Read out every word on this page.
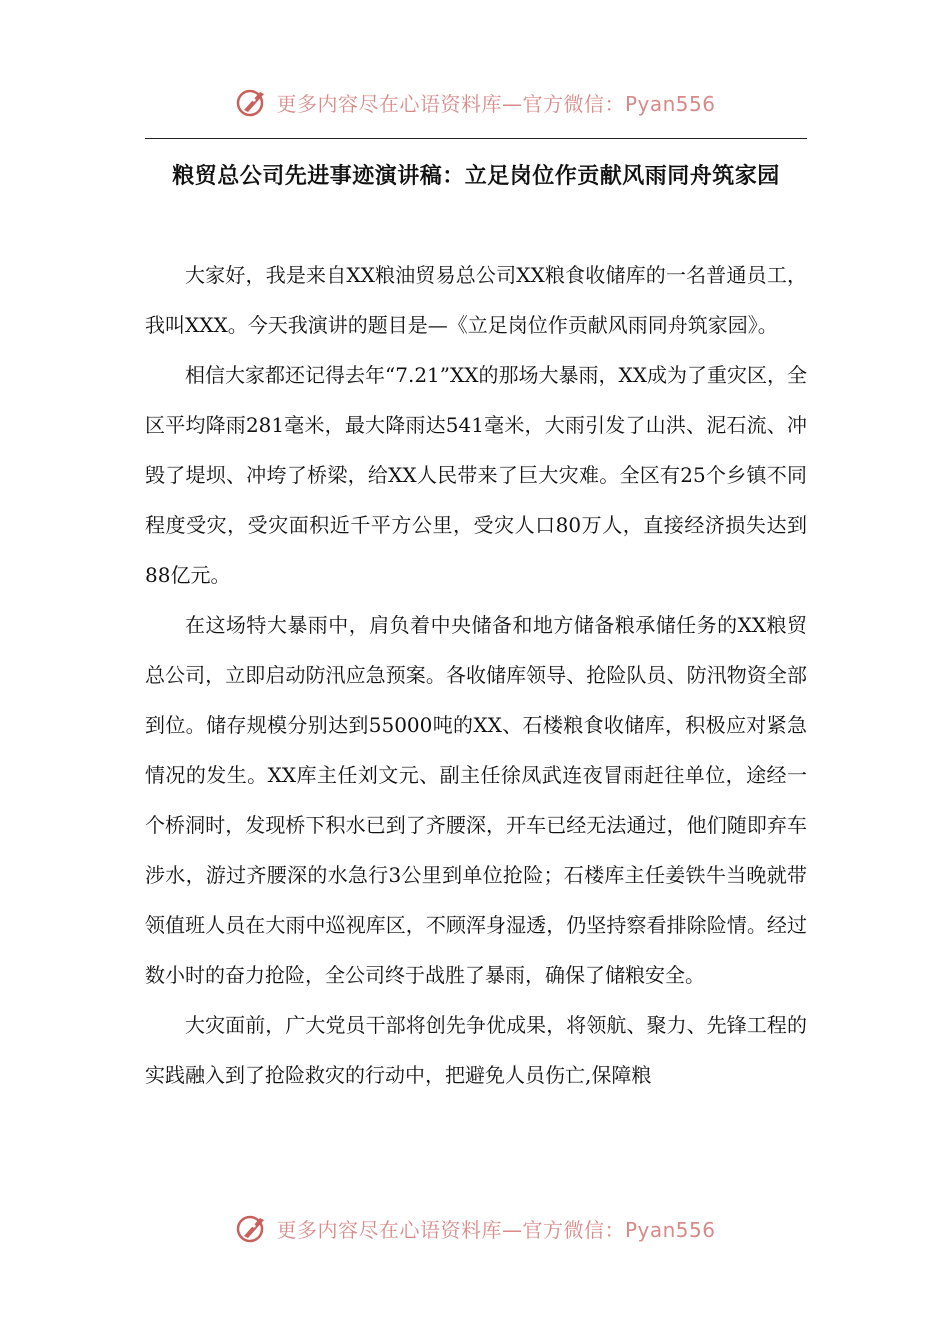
更多内容尽在心语资料库—官方微信：Pyan556
粮贸总公司先进事迹演讲稿：立足岗位作贡献风雨同舟筑家园

大家好，我是来自XX粮油贸易总公司XX粮食收储库的一名普通员工，我叫XXX。今天我演讲的题目是—《立足岗位作贡献风雨同舟筑家园》。

相信大家都还记得去年“7.21”XX的那场大暴雨，XX成为了重灾区，全区平均降雨281毫米，最大降雨达541毫米，大雨引发了山洪、泥石流、冲毁了堤坝、冲垮了桥梁，给XX人民带来了巨大灾难。全区有25个乡镇不同程度受灾，受灾面积近千平方公里，受灾人口80万人，直接经济损失达到88亿元。

在这场特大暴雨中，肩负着中央储备和地方储备粮承储任务的XX粮贸总公司，立即启动防汛应急预案。各收储库领导、抢险队员、防汛物资全部到位。储存规模分别达到55000吨的XX、石楼粮食收储库，积极应对紧急情况的发生。XX库主任刘文元、副主任徐凤武连夜冒雨赶往单位，途经一个桥洞时，发现桥下积水已到了齐腰深，开车已经无法通过，他们随即弃车涉水，游过齐腰深的水急行3公里到单位抢险；石楼库主任姜铁牛当晚就带领值班人员在大雨中巡视库区，不顾浑身湿透，仍坚持察看排除险情。经过数小时的奋力抢险，全公司终于战胜了暴雨，确保了储粮安全。

大灾面前，广大党员干部将创先争优成果，将领航、聚力、先锋工程的实践融入到了抢险救灾的行动中，把避免人员伤亡,保障粮

更多内容尽在心语资料库—官方微信：Pyan556
